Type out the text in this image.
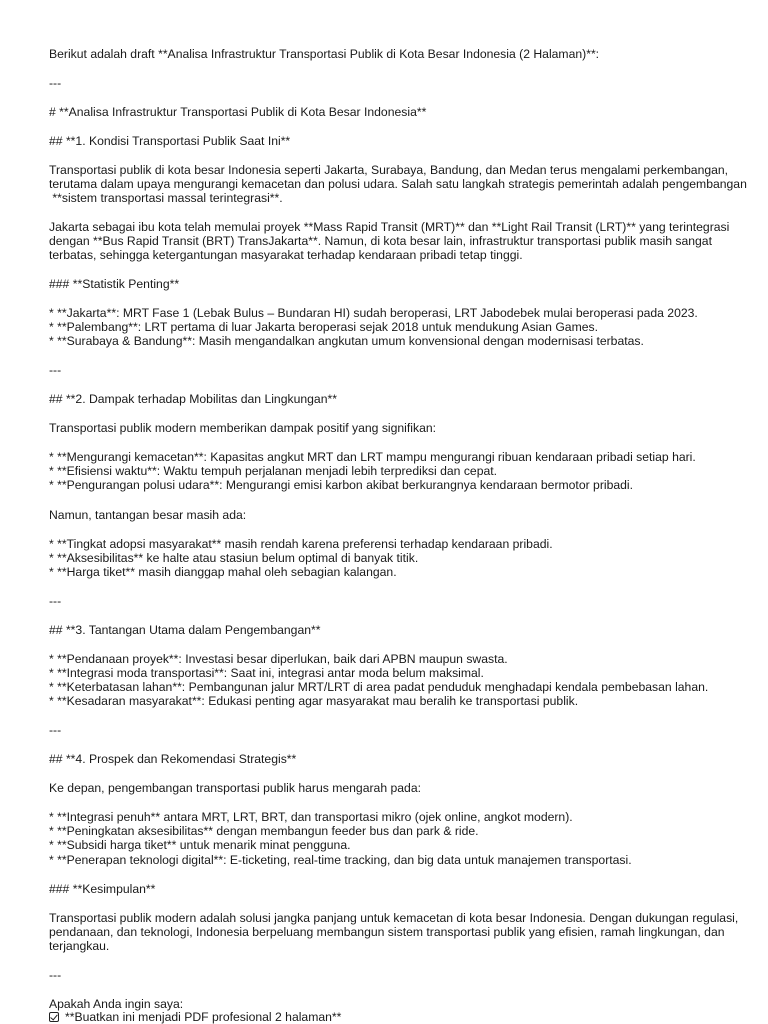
Berikut adalah draft **Analisa Infrastruktur Transportasi Publik di Kota Besar Indonesia (2 Halaman)**:
---
# **Analisa Infrastruktur Transportasi Publik di Kota Besar Indonesia**
## **1. Kondisi Transportasi Publik Saat Ini**
Transportasi publik di kota besar Indonesia seperti Jakarta, Surabaya, Bandung, dan Medan terus mengalami perkembangan,
terutama dalam upaya mengurangi kemacetan dan polusi udara. Salah satu langkah strategis pemerintah adalah pengembangan
**sistem transportasi massal terintegrasi**.
Jakarta sebagai ibu kota telah memulai proyek **Mass Rapid Transit (MRT)** dan **Light Rail Transit (LRT)** yang terintegrasi
dengan **Bus Rapid Transit (BRT) TransJakarta**. Namun, di kota besar lain, infrastruktur transportasi publik masih sangat
terbatas, sehingga ketergantungan masyarakat terhadap kendaraan pribadi tetap tinggi.
### **Statistik Penting**
* **Jakarta**: MRT Fase 1 (Lebak Bulus – Bundaran HI) sudah beroperasi, LRT Jabodebek mulai beroperasi pada 2023.
* **Palembang**: LRT pertama di luar Jakarta beroperasi sejak 2018 untuk mendukung Asian Games.
* **Surabaya & Bandung**: Masih mengandalkan angkutan umum konvensional dengan modernisasi terbatas.
---
## **2. Dampak terhadap Mobilitas dan Lingkungan**
Transportasi publik modern memberikan dampak positif yang signifikan:
* **Mengurangi kemacetan**: Kapasitas angkut MRT dan LRT mampu mengurangi ribuan kendaraan pribadi setiap hari.
* **Efisiensi waktu**: Waktu tempuh perjalanan menjadi lebih terprediksi dan cepat.
* **Pengurangan polusi udara**: Mengurangi emisi karbon akibat berkurangnya kendaraan bermotor pribadi.
Namun, tantangan besar masih ada:
* **Tingkat adopsi masyarakat** masih rendah karena preferensi terhadap kendaraan pribadi.
* **Aksesibilitas** ke halte atau stasiun belum optimal di banyak titik.
* **Harga tiket** masih dianggap mahal oleh sebagian kalangan.
---
## **3. Tantangan Utama dalam Pengembangan**
* **Pendanaan proyek**: Investasi besar diperlukan, baik dari APBN maupun swasta.
* **Integrasi moda transportasi**: Saat ini, integrasi antar moda belum maksimal.
* **Keterbatasan lahan**: Pembangunan jalur MRT/LRT di area padat penduduk menghadapi kendala pembebasan lahan.
* **Kesadaran masyarakat**: Edukasi penting agar masyarakat mau beralih ke transportasi publik.
---
## **4. Prospek dan Rekomendasi Strategis**
Ke depan, pengembangan transportasi publik harus mengarah pada:
* **Integrasi penuh** antara MRT, LRT, BRT, dan transportasi mikro (ojek online, angkot modern).
* **Peningkatan aksesibilitas** dengan membangun feeder bus dan park & ride.
* **Subsidi harga tiket** untuk menarik minat pengguna.
* **Penerapan teknologi digital**: E-ticketing, real-time tracking, dan big data untuk manajemen transportasi.
### **Kesimpulan**
Transportasi publik modern adalah solusi jangka panjang untuk kemacetan di kota besar Indonesia. Dengan dukungan regulasi,
pendanaan, dan teknologi, Indonesia berpeluang membangun sistem transportasi publik yang efisien, ramah lingkungan, dan
terjangkau.
---
Apakah Anda ingin saya:
**Buatkan ini menjadi PDF profesional 2 halaman**
